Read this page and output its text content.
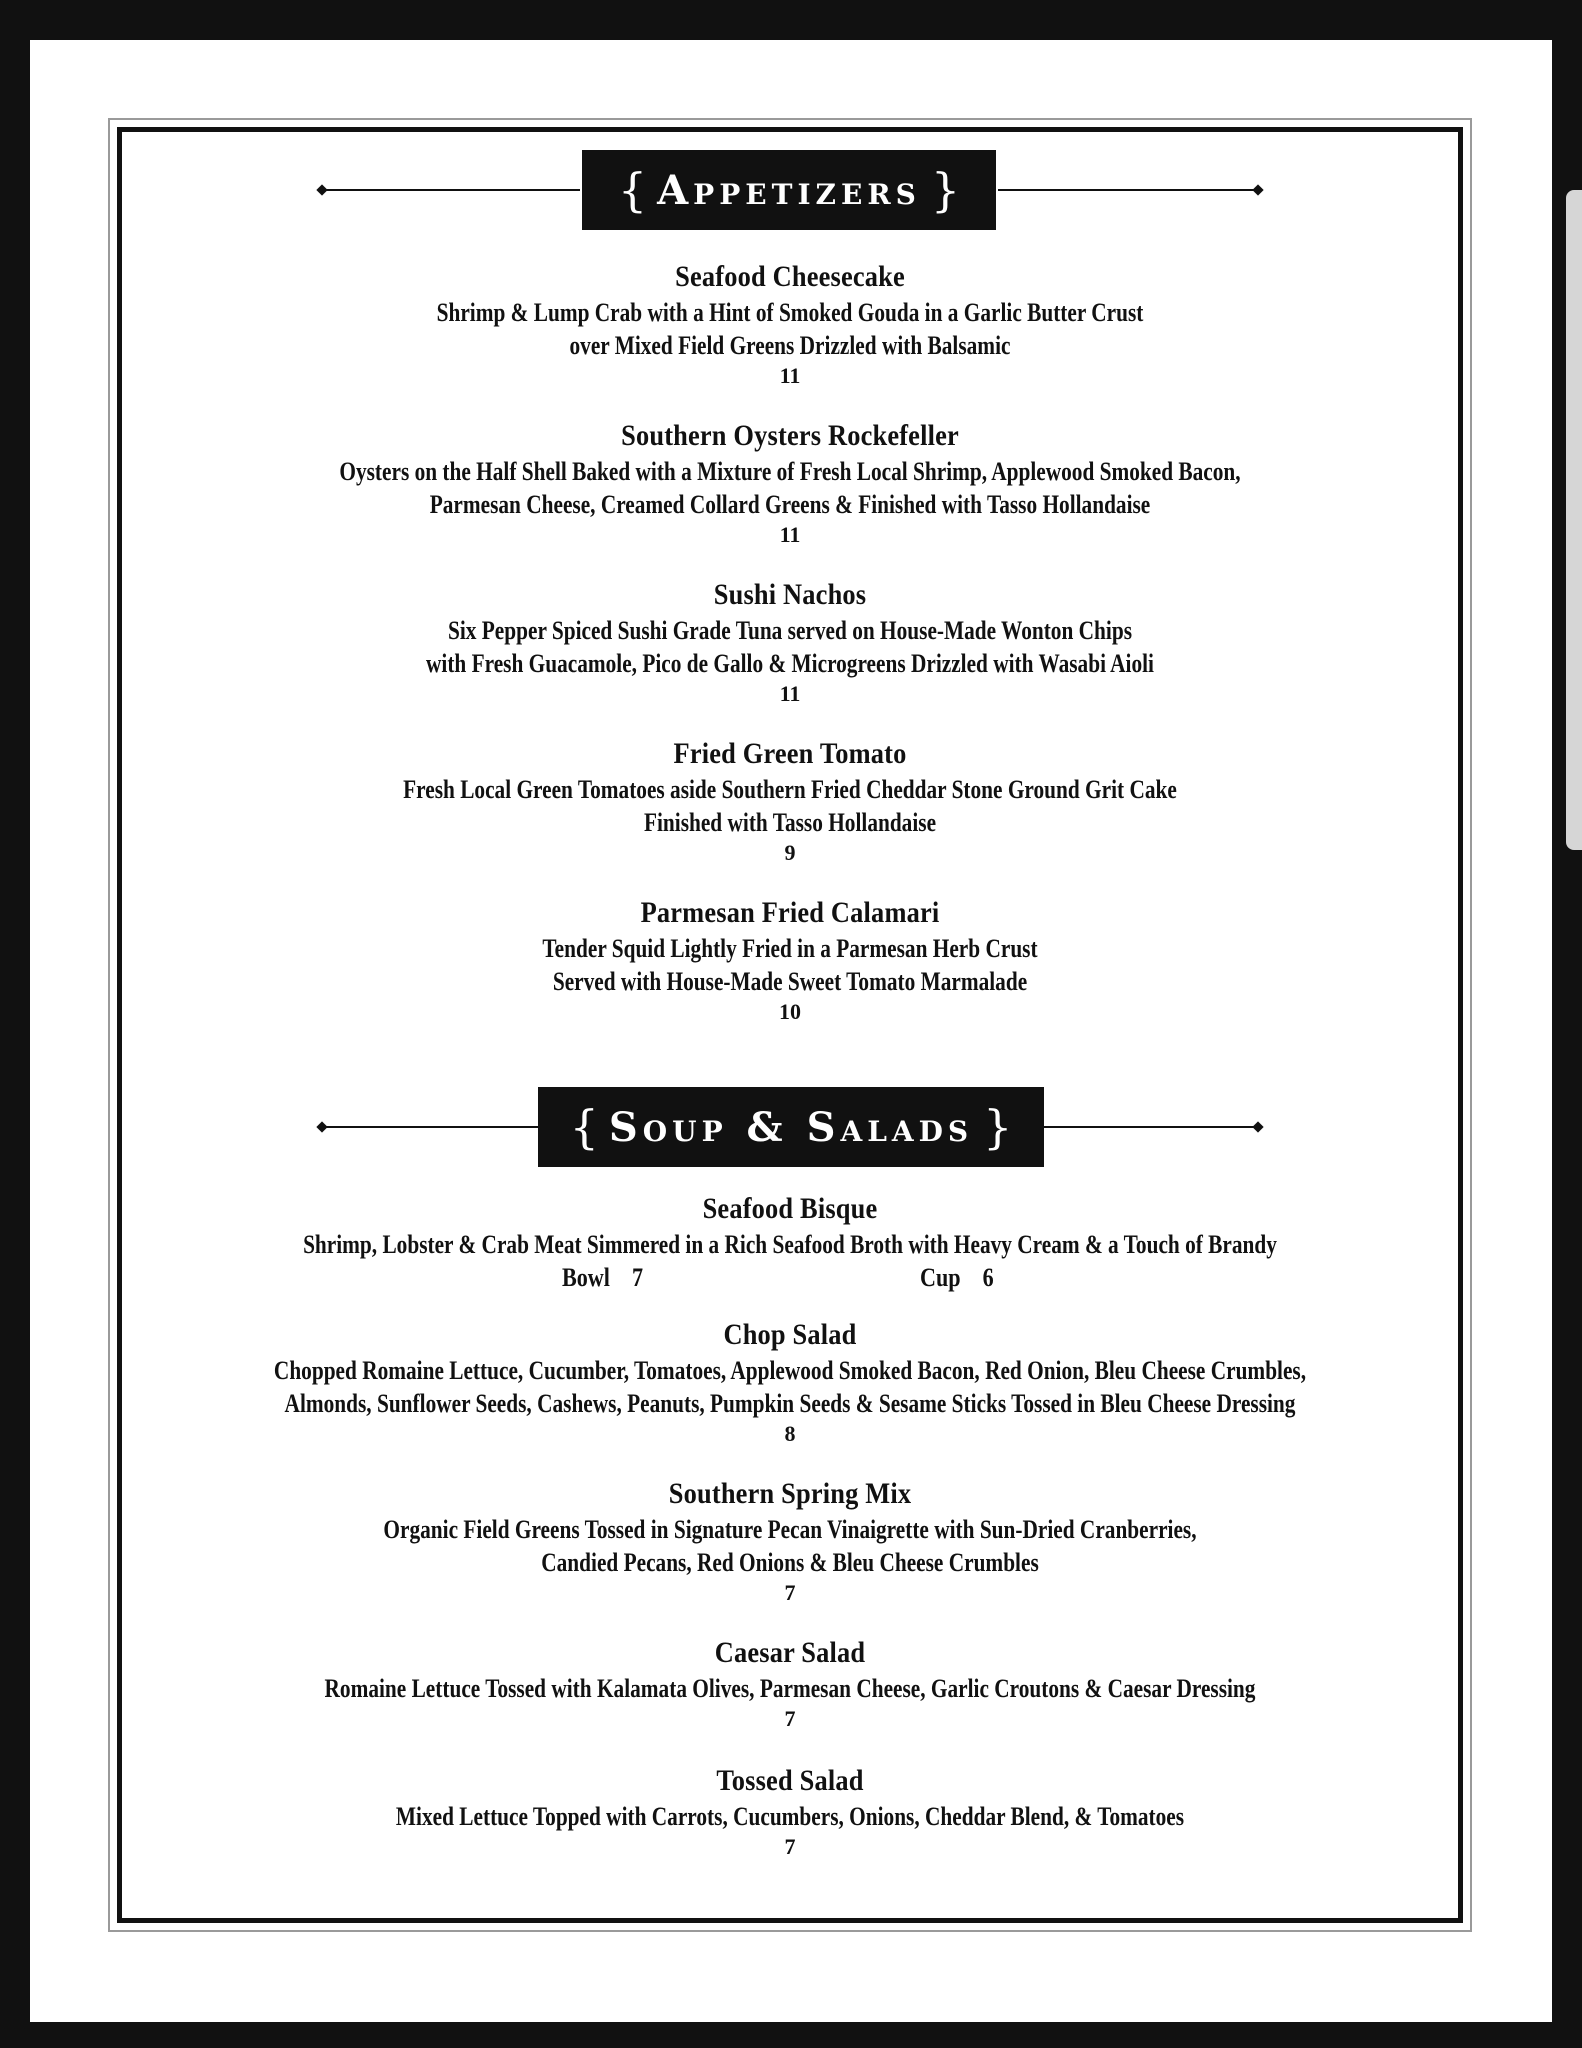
{ Appetizers }
Seafood Cheesecake
Shrimp & Lump Crab with a Hint of Smoked Gouda in a Garlic Butter Crust
over Mixed Field Greens Drizzled with Balsamic
11
Southern Oysters Rockefeller
Oysters on the Half Shell Baked with a Mixture of Fresh Local Shrimp, Applewood Smoked Bacon,
Parmesan Cheese, Creamed Collard Greens & Finished with Tasso Hollandaise
11
Sushi Nachos
Six Pepper Spiced Sushi Grade Tuna served on House-Made Wonton Chips
with Fresh Guacamole, Pico de Gallo & Microgreens Drizzled with Wasabi Aioli
11
Fried Green Tomato
Fresh Local Green Tomatoes aside Southern Fried Cheddar Stone Ground Grit Cake
Finished with Tasso Hollandaise
9
Parmesan Fried Calamari
Tender Squid Lightly Fried in a Parmesan Herb Crust
Served with House-Made Sweet Tomato Marmalade
10
{ Soup & Salads }
Seafood Bisque
Shrimp, Lobster & Crab Meat Simmered in a Rich Seafood Broth with Heavy Cream & a Touch of Brandy
Bowl 7	Cup 6
Chop Salad
Chopped Romaine Lettuce, Cucumber, Tomatoes, Applewood Smoked Bacon, Red Onion, Bleu Cheese Crumbles,
Almonds, Sunflower Seeds, Cashews, Peanuts, Pumpkin Seeds & Sesame Sticks Tossed in Bleu Cheese Dressing
8
Southern Spring Mix
Organic Field Greens Tossed in Signature Pecan Vinaigrette with Sun-Dried Cranberries,
Candied Pecans, Red Onions & Bleu Cheese Crumbles
7
Caesar Salad
Romaine Lettuce Tossed with Kalamata Olives, Parmesan Cheese, Garlic Croutons & Caesar Dressing
7
Tossed Salad
Mixed Lettuce Topped with Carrots, Cucumbers, Onions, Cheddar Blend, & Tomatoes
7
